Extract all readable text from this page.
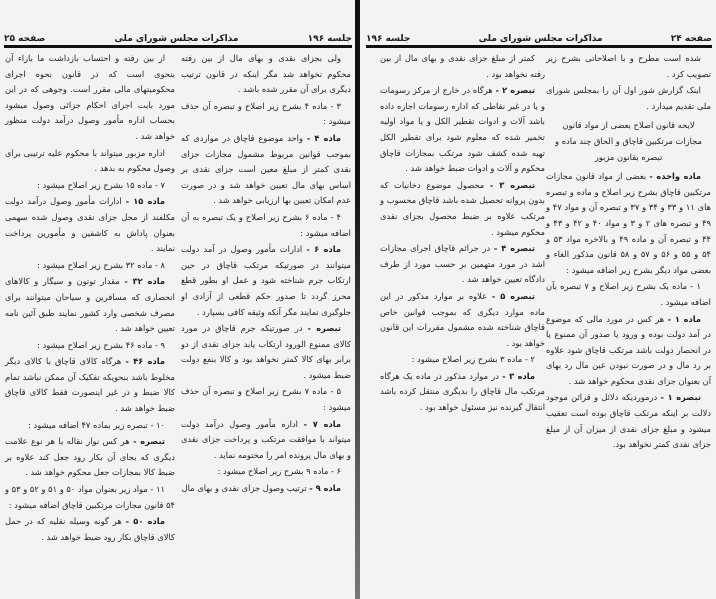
جلسه ۱۹۶
مذاکرات مجلس شورای ملی
صفحه ۲۵

ولی بجزای نقدی و بهای مال از بین رفته محکوم نخواهد شد مگر اینکه در قانون ترتیب دیگری برای آن مقرر شده باشد .

۳ - ماده ۴ بشرح زیر اصلاح و تبصره آن حذف میشود :

ماده ۴ - واحد موضوع قاچاق در مواردی که بموجب قوانین مربوط مشمول مجازات جزای نقدی کمتر از مبلغ معین است جزای نقدی بر اساس بهای مال تعیین خواهد شد و در صورت عدم امکان تعیین بها ارزیابی خواهد شد .

۴ - ماده ۶ بشرح زیر اصلاح و یک تبصره به آن اضافه میشود :

ماده ۶ - ادارات مأمور وصول در آمد دولت میتوانند در صورتیکه مرتکب قاچاق در حین ارتکاب جرم شناخته شود و عمل او بطور قطع محرز گردد تا صدور حکم قطعی از آزادی او جلوگیری نمایند مگر آنکه وثیقه کافی بسپارد .

تبصره - در صورتیکه جرم قاچاق در مورد کالای ممنوع الورود ارتکاب یابد جزای نقدی از دو برابر بهای کالا کمتر نخواهد بود و کالا بنفع دولت ضبط میشود .

۵ - ماده ۷ بشرح زیر اصلاح و تبصره آن حذف میشود :

ماده ۷ - اداره مأمور وصول درآمد دولت میتواند با موافقت مرتکب و پرداخت جزای نقدی و بهای مال پرونده امر را مختومه نماید .

۶ - ماده ۹ بشرح زیر اصلاح میشود :

ماده ۹ - ترتیب وصول جزای نقدی و بهای مال

از بین رفته و احتساب بازداشت ما بازاء آن بنحوی است که در قانون نحوه اجرای محکومیتهای مالی مقرر است. وجوهی که در این مورد بابت اجرای احکام جزائی وصول میشود بحساب اداره مأمور وصول درآمد دولت منظور خواهد شد .

اداره مزبور میتواند با محکوم علیه ترتیبی برای وصول محکوم به بدهد .

۷ - ماده ۱۵ بشرح زیر اصلاح میشود :

ماده ۱۵ - ادارات مأمور وصول درآمد دولت مکلفند از محل جزای نقدی وصول شده سهمی بعنوان پاداش به کاشفین و مأمورین پرداخت نمایند .

۸ - ماده ۳۲ بشرح زیر اصلاح میشود :

ماده ۳۲ - مقدار توتون و سیگار و کالاهای انحصاری که مسافرین و سیاحان میتوانند برای مصرف شخصی وارد کشور نمایند طبق آئین نامه تعیین خواهد شد .

۹ - ماده ۴۶ بشرح زیر اصلاح میشود :

ماده ۴۶ - هرگاه کالای قاچاق با کالای دیگر مخلوط باشد بنحویکه تفکیک آن ممکن نباشد تمام کالا ضبط و در غیر اینصورت فقط کالای قاچاق ضبط خواهد شد .

۱۰ - تبصره زیر بماده ۴۷ اضافه میشود :

تبصره - هر کس نوار نقاله یا هر نوع علامت دیگری که بجای آن بکار رود جعل کند علاوه بر ضبط کالا بمجازات جعل محکوم خواهد شد .

۱۱ - مواد زیر بعنوان مواد ۵۰ و ۵۱ و ۵۲ و ۵۳ و ۵۴ قانون مجازات مرتکبین قاچاق اضافه میشود :

ماده ۵۰ - هر گونه وسیله نقلیه که در حمل کالای قاچاق بکار رود ضبط خواهد شد .

صفحه ۲۴
مذاکرات مجلس شورای ملی
جلسه ۱۹۶

شده است مطرح و با اصلاحاتی بشرح زیر تصویب کرد .

اینک گزارش شور اول آن را بمجلس شورای ملی تقدیم میدارد .

لایحه قانون اصلاح بعضی از مواد قانون مجازات مرتکبین قاچاق و الحاق چند ماده و تبصره بقانون مزبور

ماده واحده - بعضی از مواد قانون مجازات مرتکبین قاچاق بشرح زیر اصلاح و ماده و تبصره های ۱۱ و ۳۳ و ۳۴ و ۳۷ و تبصره آن و مواد ۴۷ و ۴۹ و تبصره های ۲ و ۳ و مواد ۴۰ و ۴۲ و ۴۳ و ۴۴ و تبصره آن و ماده ۴۹ و بالاخره مواد ۵۳ و ۵۴ و ۵۵ و ۵۶ و ۵۷ و ۵۸ قانون مذکور الغاء و بعضی مواد دیگر بشرح زیر اضافه میشود :

۱ - ماده یک بشرح زیر اصلاح و ۷ تبصره بآن اضافه میشود .

ماده ۱ - هر کس در مورد مالی که موضوع در آمد دولت بوده و ورود یا صدور آن ممنوع یا در انحصار دولت باشد مرتکب قاچاق شود علاوه بر رد مال و در صورت نبودن عین مال رد بهای آن بعنوان جزای نقدی محکوم خواهد شد .

تبصره ۱ - درموردیکه دلائل و قرائن موجود دلالت بر اینکه مرتکب قاچاق بوده است تعقیب میشود و مبلغ جزای نقدی از میزان آن از مبلغ جزای نقدی کمتر نخواهد بود.

کمتر از مبلغ جزای نقدی و بهای مال از بین رفته نخواهد بود .

تبصره ۲ - هرگاه در خارج از مرکز رسومات و یا در غیر نقاطی که اداره رسومات اجازه داده باشد آلات و ادوات تقطیر الکل و یا مواد اولیه تخمیر شده که معلوم شود برای تقطیر الکل تهیه شده کشف شود مرتکب بمجازات قاچاق محکوم و آلات و ادوات ضبط خواهد شد .

تبصره ۳ - محصول موضوع دخانیات که بدون پروانه تحصیل شده باشد قاچاق محسوب و مرتکب علاوه بر ضبط محصول بجزای نقدی محکوم میشود .

تبصره ۴ - در جرائم قاچاق اجرای مجازات اشد در مورد متهمین بر حسب مورد از طرف دادگاه تعیین خواهد شد .

تبصره ۵ - علاوه بر موارد مذکور در این ماده موارد دیگری که بموجب قوانین خاص قاچاق شناخته شده مشمول مقررات این قانون خواهد بود .

۲ - ماده ۳ بشرح زیر اصلاح میشود :

ماده ۳ - در موارد مذکور در ماده یک هرگاه مرتکب مال قاچاق را بدیگری منتقل کرده باشد انتقال گیرنده نیز مسئول خواهد بود .
